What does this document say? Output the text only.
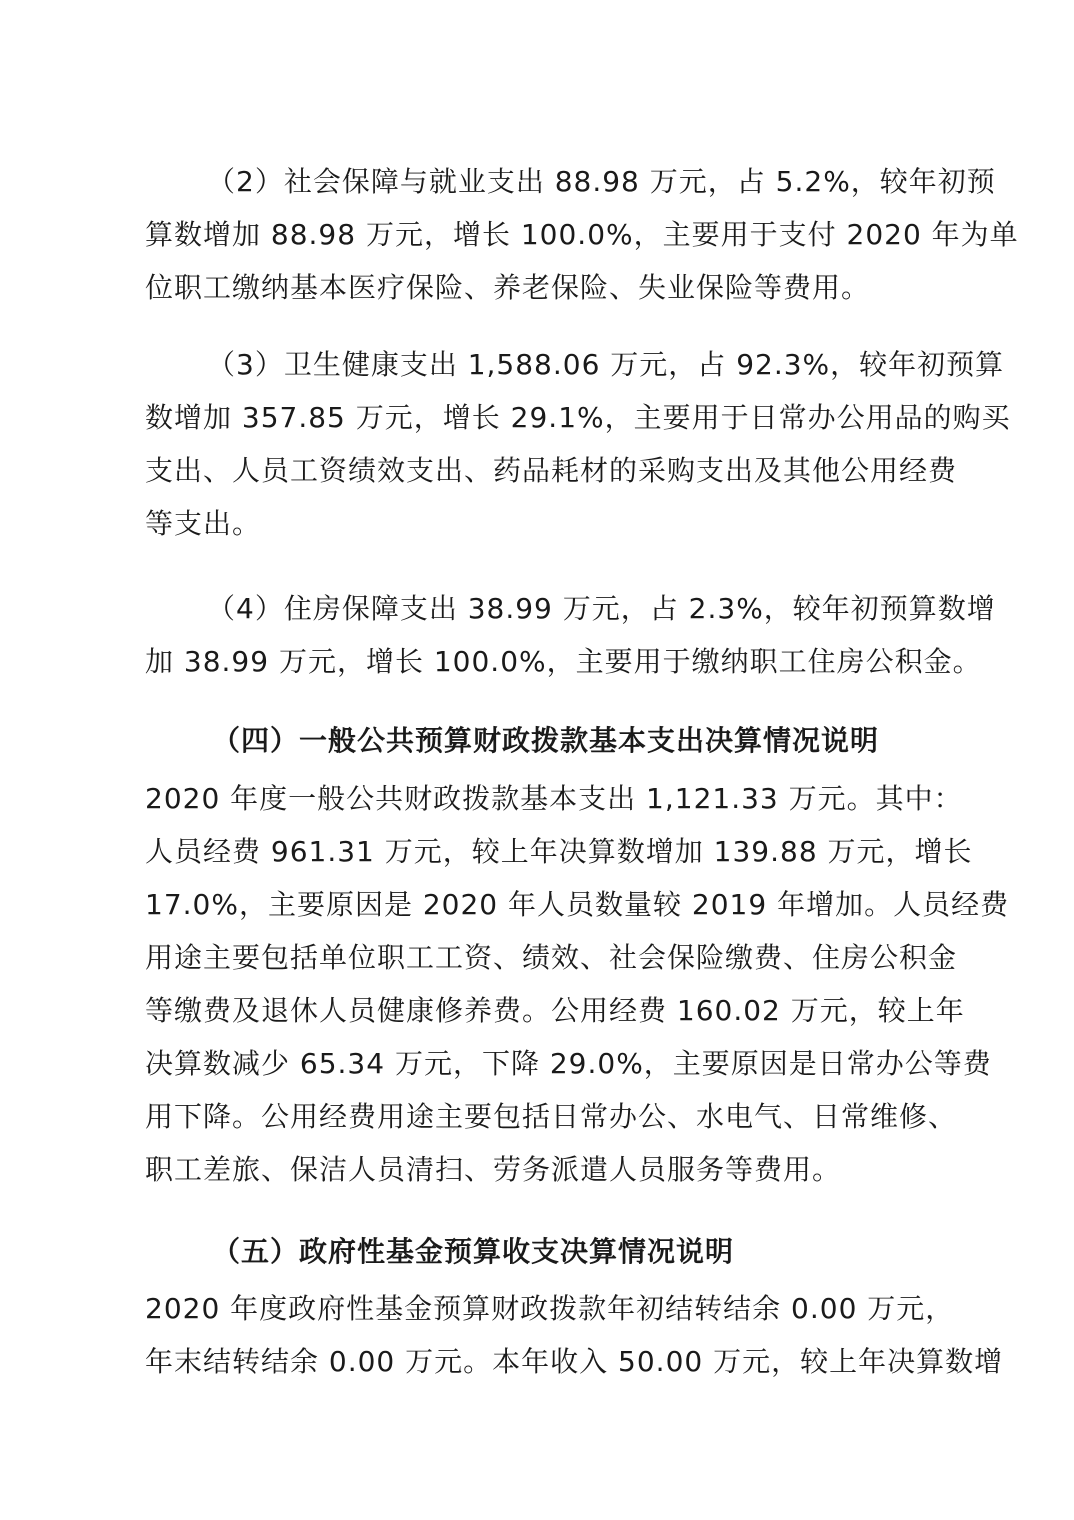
（2）社会保障与就业支出 88.98 万元，占 5.2%，较年初预
算数增加 88.98 万元，增长 100.0%，主要用于支付 2020 年为单
位职工缴纳基本医疗保险、养老保险、失业保险等费用。
（3）卫生健康支出 1,588.06 万元，占 92.3%，较年初预算
数增加 357.85 万元，增长 29.1%，主要用于日常办公用品的购买
支出、人员工资绩效支出、药品耗材的采购支出及其他公用经费
等支出。
（4）住房保障支出 38.99 万元，占 2.3%，较年初预算数增
加 38.99 万元，增长 100.0%，主要用于缴纳职工住房公积金。
（四）一般公共预算财政拨款基本支出决算情况说明
2020 年度一般公共财政拨款基本支出 1,121.33 万元。其中：
人员经费 961.31 万元，较上年决算数增加 139.88 万元，增长
17.0%，主要原因是 2020 年人员数量较 2019 年增加。人员经费
用途主要包括单位职工工资、绩效、社会保险缴费、住房公积金
等缴费及退休人员健康修养费。公用经费 160.02 万元，较上年
决算数减少 65.34 万元，下降 29.0%，主要原因是日常办公等费
用下降。公用经费用途主要包括日常办公、水电气、日常维修、
职工差旅、保洁人员清扫、劳务派遣人员服务等费用。
（五）政府性基金预算收支决算情况说明
2020 年度政府性基金预算财政拨款年初结转结余 0.00 万元，
年末结转结余 0.00 万元。本年收入 50.00 万元，较上年决算数增
